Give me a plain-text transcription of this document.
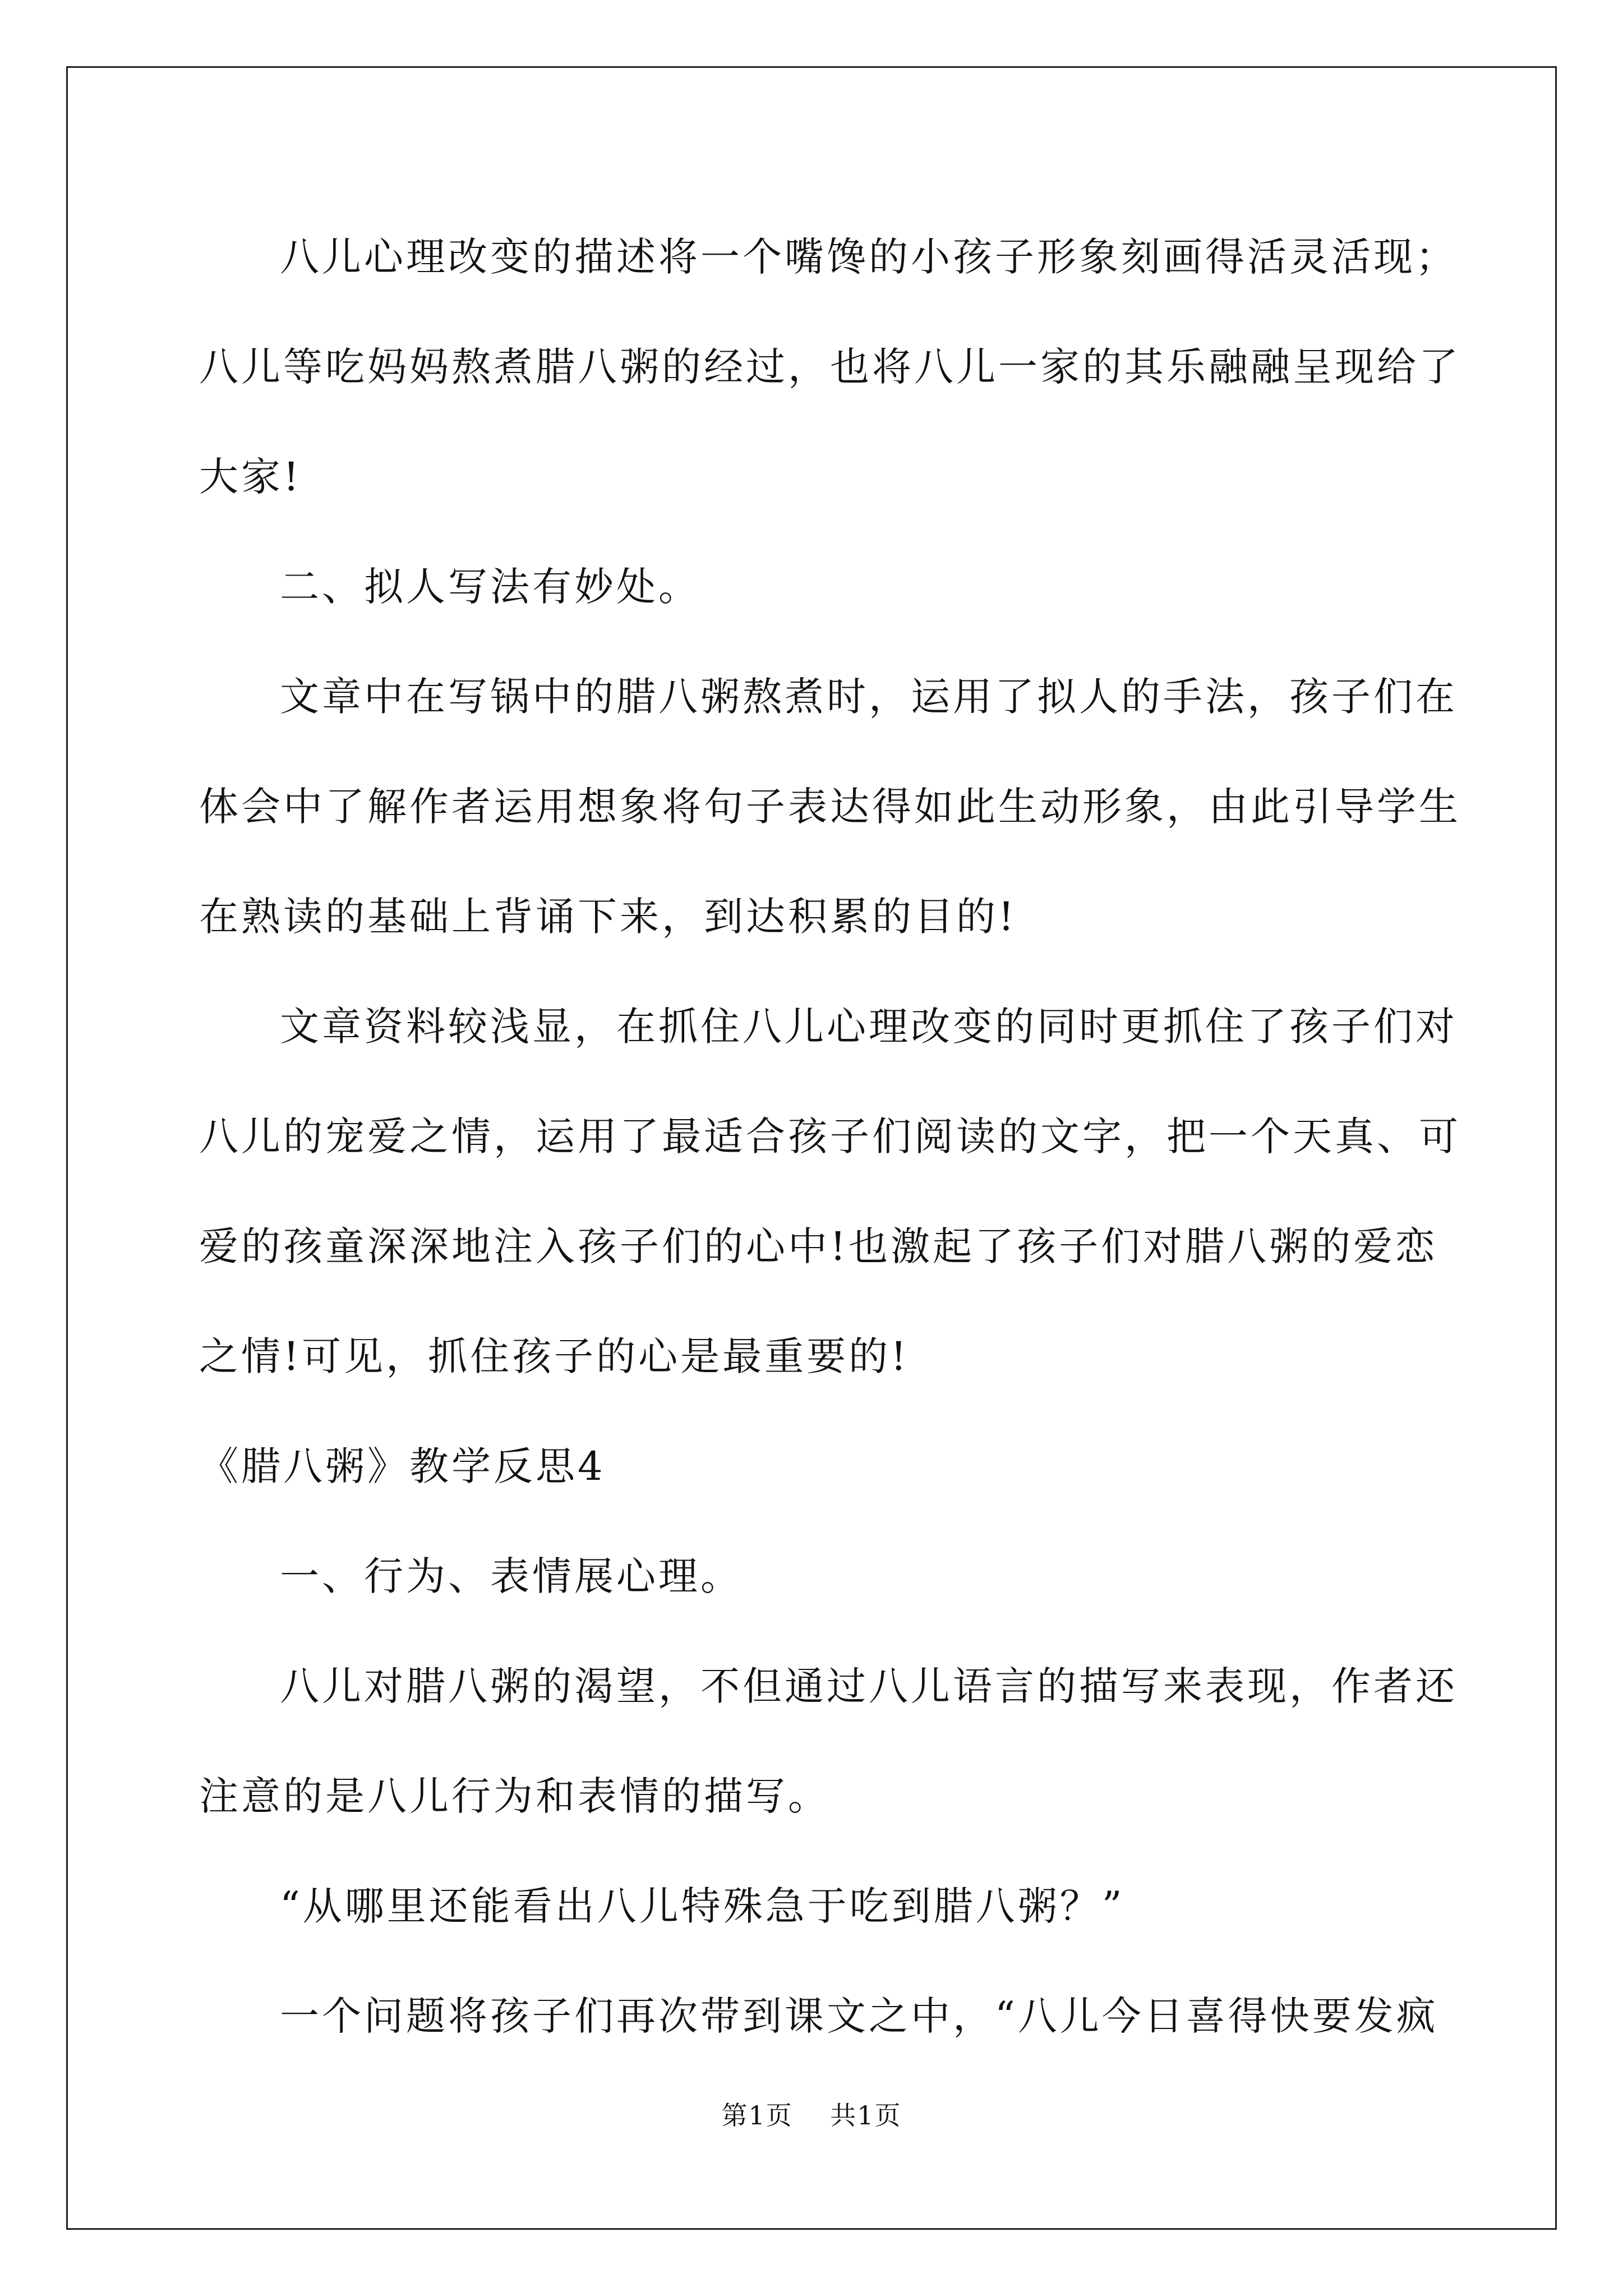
八儿心理改变的描述将一个嘴馋的小孩子形象刻画得活灵活现；

八儿等吃妈妈熬煮腊八粥的经过，也将八儿一家的其乐融融呈现给了

大家!

二、拟人写法有妙处。

文章中在写锅中的腊八粥熬煮时，运用了拟人的手法，孩子们在

体会中了解作者运用想象将句子表达得如此生动形象，由此引导学生

在熟读的基础上背诵下来，到达积累的目的!

文章资料较浅显，在抓住八儿心理改变的同时更抓住了孩子们对

八儿的宠爱之情，运用了最适合孩子们阅读的文字，把一个天真、可

爱的孩童深深地注入孩子们的心中!也激起了孩子们对腊八粥的爱恋

之情!可见，抓住孩子的心是最重要的!

《腊八粥》教学反思4

一、行为、表情展心理。

八儿对腊八粥的渴望，不但通过八儿语言的描写来表现，作者还

注意的是八儿行为和表情的描写。

“从哪里还能看出八儿特殊急于吃到腊八粥？”

一个问题将孩子们再次带到课文之中，“八儿今日喜得快要发疯

第1页    共1页
